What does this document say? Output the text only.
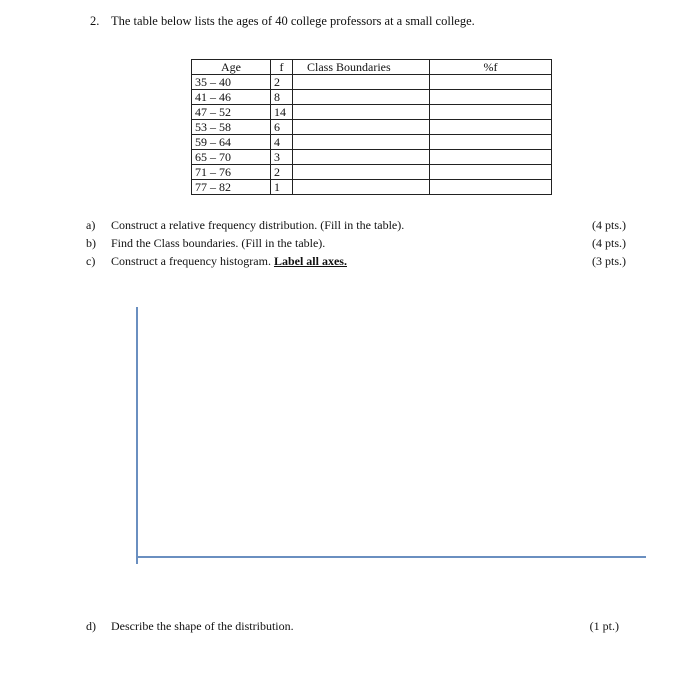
2. The table below lists the ages of 40 college professors at a small college.
Age	f	Class Boundaries	%f
35 – 40	2		
41 – 46	8		
47 – 52	14		
53 – 58	6		
59 – 64	4		
65 – 70	3		
71 – 76	2		
77 – 82	1		
a) Construct a relative frequency distribution. (Fill in the table).	(4 pts.)
b) Find the Class boundaries. (Fill in the table).	(4 pts.)
c) Construct a frequency histogram. Label all axes.	(3 pts.)
d) Describe the shape of the distribution.	(1 pt.)
